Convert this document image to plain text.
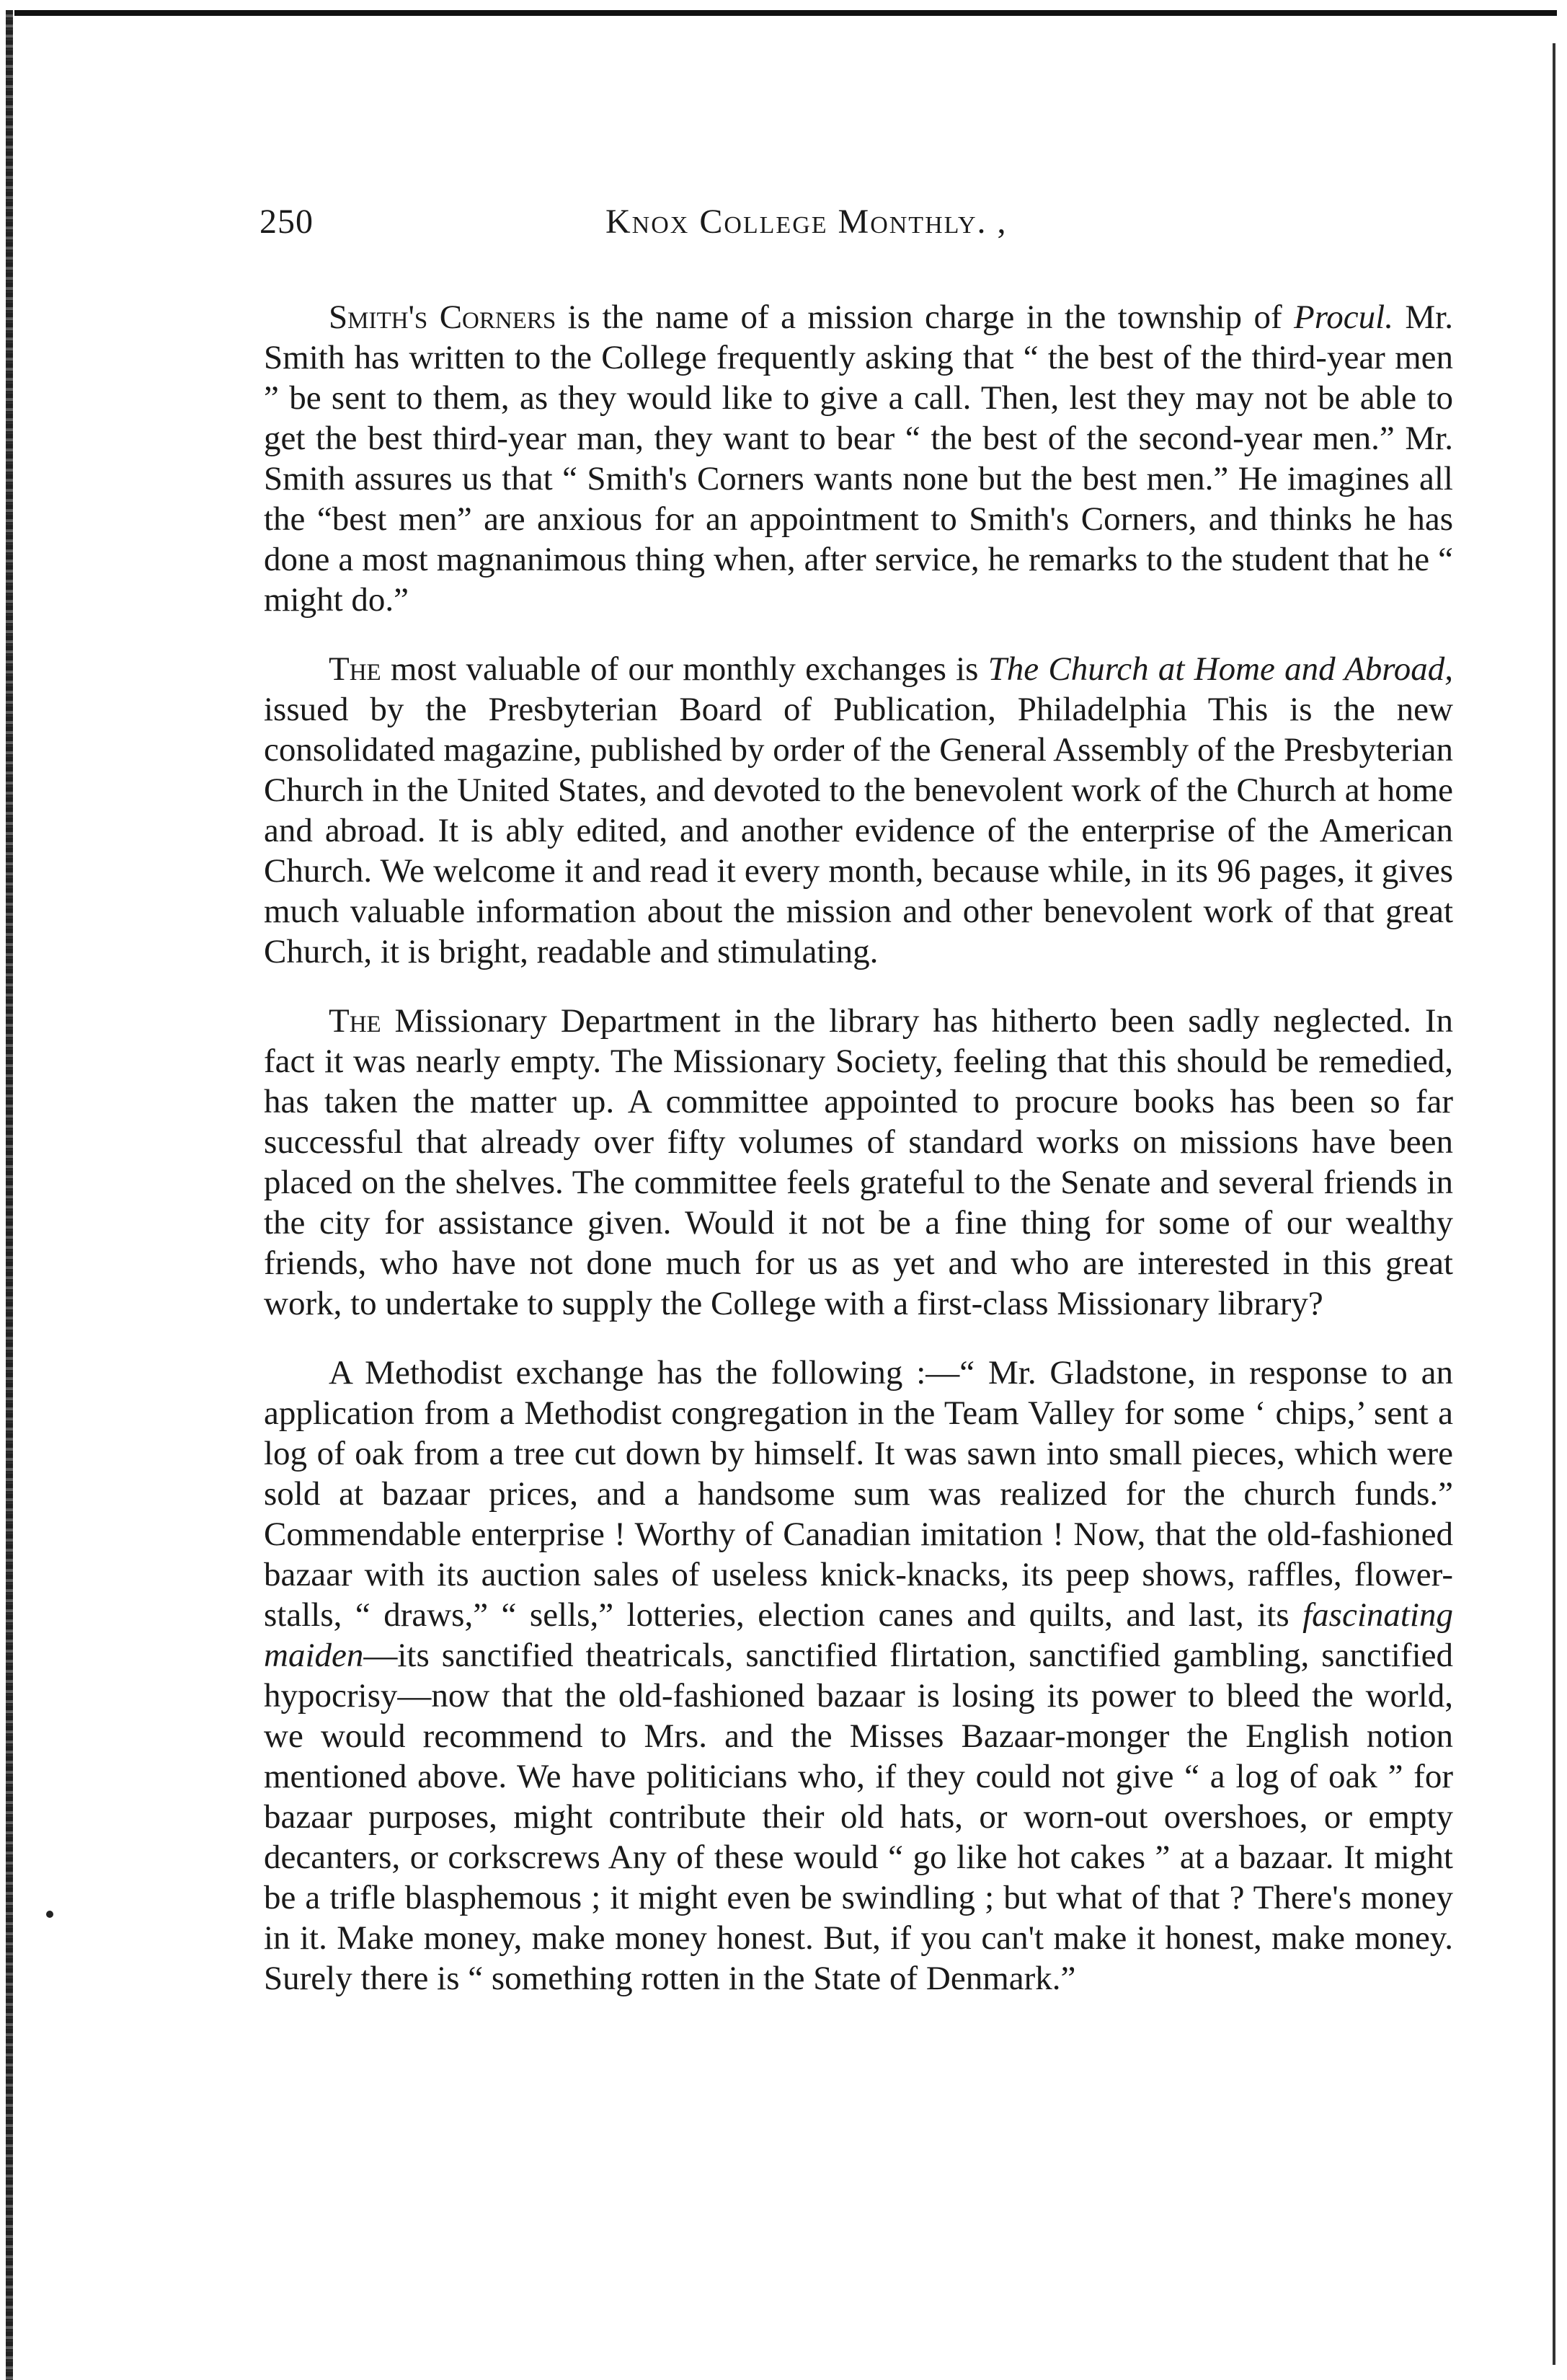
250	Knox College Monthly. ,

Smith's Corners is the name of a mission charge in the township of Procul. Mr. Smith has written to the College frequently asking that “ the best of the third-year men ” be sent to them, as they would like to give a call. Then, lest they may not be able to get the best third-year man, they want to bear “ the best of the second-year men.” Mr. Smith assures us that “ Smith's Corners wants none but the best men.” He imagines all the “best men” are anxious for an appointment to Smith's Corners, and thinks he has done a most magnanimous thing when, after service, he remarks to the student that he “ might do.”

The most valuable of our monthly exchanges is The Church at Home and Abroad, issued by the Presbyterian Board of Publication, Philadelphia This is the new consolidated magazine, published by order of the General Assembly of the Presbyterian Church in the United States, and devoted to the benevolent work of the Church at home and abroad. It is ably edited, and another evidence of the enterprise of the American Church. We welcome it and read it every month, because while, in its 96 pages, it gives much valuable information about the mission and other benevolent work of that great Church, it is bright, readable and stimulating.

The Missionary Department in the library has hitherto been sadly neglected. In fact it was nearly empty. The Missionary Society, feeling that this should be remedied, has taken the matter up. A committee appointed to procure books has been so far successful that already over fifty volumes of standard works on missions have been placed on the shelves. The committee feels grateful to the Senate and several friends in the city for assistance given. Would it not be a fine thing for some of our wealthy friends, who have not done much for us as yet and who are interested in this great work, to undertake to supply the College with a first-class Missionary library?

A Methodist exchange has the following :—“ Mr. Gladstone, in response to an application from a Methodist congregation in the Team Valley for some ‘ chips,’ sent a log of oak from a tree cut down by himself. It was sawn into small pieces, which were sold at bazaar prices, and a handsome sum was realized for the church funds.” Commendable enterprise ! Worthy of Canadian imitation ! Now, that the old-fashioned bazaar with its auction sales of useless knick-knacks, its peep shows, raffles, flower-stalls, “ draws,” “ sells,” lotteries, election canes and quilts, and last, its fascinating maiden—its sanctified theatricals, sanctified flirtation, sanctified gambling, sanctified hypocrisy—now that the old-fashioned bazaar is losing its power to bleed the world, we would recommend to Mrs. and the Misses Bazaar-monger the English notion mentioned above. We have politicians who, if they could not give “ a log of oak ” for bazaar purposes, might contribute their old hats, or worn-out overshoes, or empty decanters, or corkscrews Any of these would “ go like hot cakes ” at a bazaar. It might be a trifle blasphemous ; it might even be swindling ; but what of that ? There's money in it. Make money, make money honest. But, if you can't make it honest, make money. Surely there is “ something rotten in the State of Denmark.”
